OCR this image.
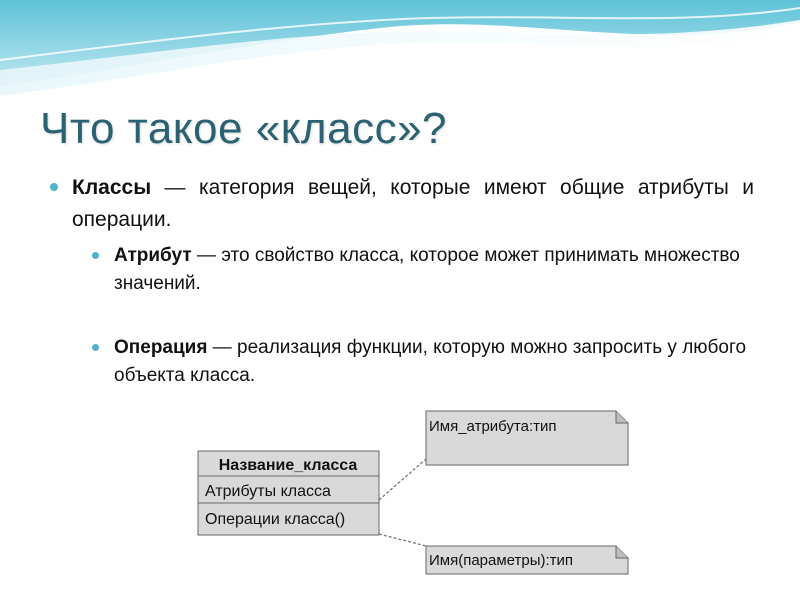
Что такое «класс»?
Классы — категория вещей, которые имеют общие атрибуты и операции.
Атрибут — это свойство класса, которое может принимать множество значений.
Операция — реализация функции, которую можно запросить у любого объекта класса.
Название_класса
Атрибуты класса
Операции класса()
Имя_атрибута:тип
Имя(параметры):тип
